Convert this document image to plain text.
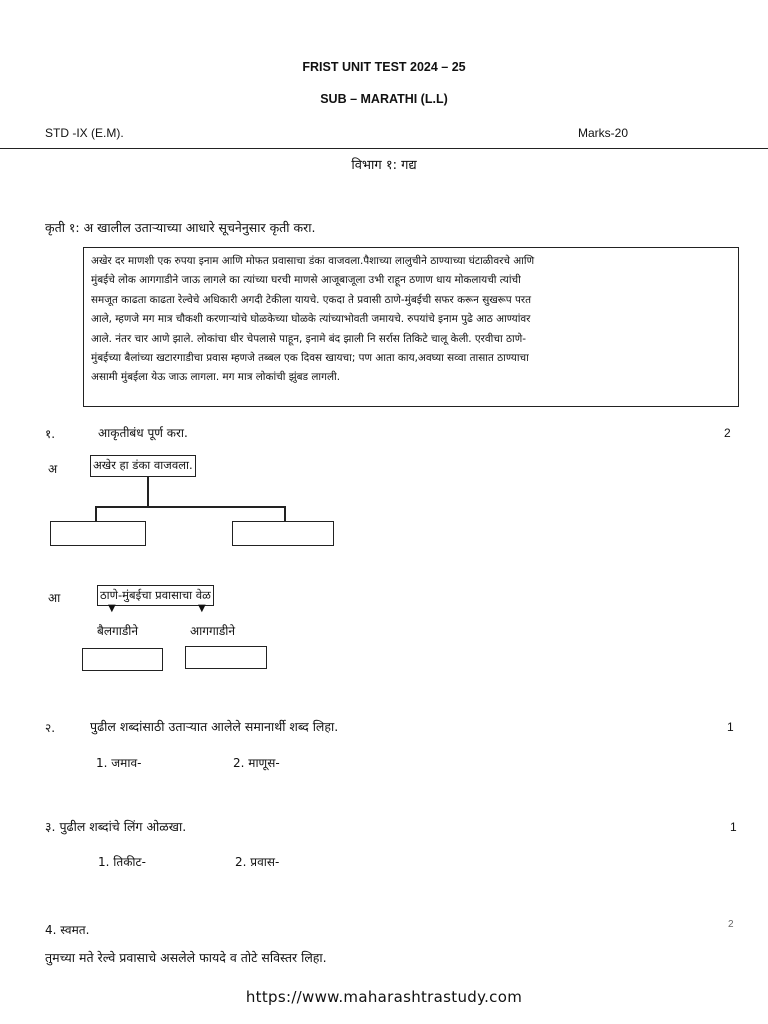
FRIST UNIT TEST 2024 – 25
SUB – MARATHI (L.L)
STD -IX (E.M).	Marks-20
विभाग १: गद्य
कृती १: अ खालील उताऱ्याच्या आधारे सूचनेनुसार कृती करा.
अखेर दर माणशी एक रुपया इनाम आणि मोफत प्रवासाचा डंका वाजवला.पैशाच्या लालुचीने ठाण्याच्या घंटाळीवरचे आणि
मुंबईचे लोक आगगाडीने जाऊ लागले का त्यांच्या घरची माणसे आजूबाजूला उभी राहून ठणाण धाय मोकलायची त्यांची
समजूत काढता काढता रेल्वेचे अधिकारी अगदी टेकीला यायचे. एकदा ते प्रवासी ठाणे-मुंबईची सफर करून सुखरूप परत
आले, म्हणजे मग मात्र चौकशी करणाऱ्यांचे घोळकेच्या घोळके त्यांच्याभोवती जमायचे. रुपयांचे इनाम पुढे आठ आण्यांवर
आले. नंतर चार आणे झाले. लोकांचा धीर चेपलासे पाहून, इनामे बंद झाली नि सर्रास तिकिटे चालू केली. एरवीचा ठाणे-
मुंबईच्या बैलांच्या खटारगाडीचा प्रवास म्हणजे तब्बल एक दिवस खायचा; पण आता काय,अवघ्या सव्वा तासात ठाण्याचा
असामी मुंबईला येऊ जाऊ लागला. मग मात्र लोकांची झुंबड लागली.
१.	आकृतीबंध पूर्ण करा.	2
अ	अखेर हा डंका वाजवला.
आ	ठाणे-मुंबईचा प्रवासाचा वेळ
▼	▼
बैलगाडीने	आगगाडीने
२.	पुढील शब्दांसाठी उताऱ्यात आलेले समानार्थी शब्द लिहा.	1
1. जमाव-	2. माणूस-
३. पुढील शब्दांचे लिंग ओळखा.	1
1. तिकीट-	2. प्रवास-
4. स्वमत.	2
तुमच्या मते रेल्वे प्रवासाचे असलेले फायदे व तोटे सविस्तर लिहा.
https://www.maharashtrastudy.com
